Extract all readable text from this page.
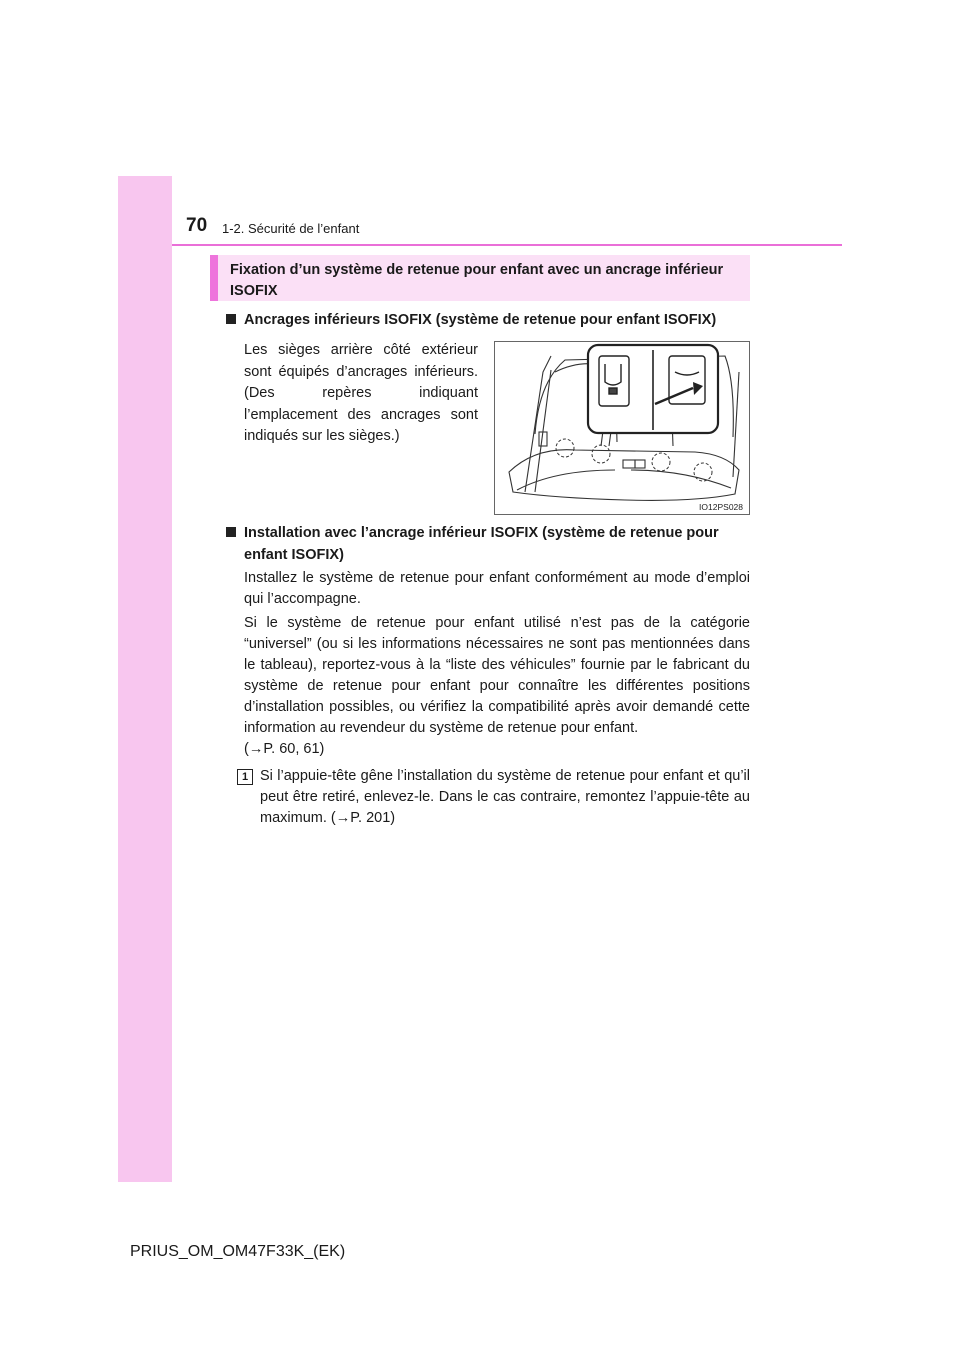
70 1-2. Sécurité de l’enfant
Fixation d’un système de retenue pour enfant avec un ancrage inférieur ISOFIX
Ancrages inférieurs ISOFIX (système de retenue pour enfant ISOFIX)
Les sièges arrière côté extérieur sont équipés d’ancrages inférieurs. (Des repères indiquant l’emplacement des ancrages sont indiqués sur les sièges.)
IO12PS028
Installation avec l’ancrage inférieur ISOFIX (système de retenue pour enfant ISOFIX)
Installez le système de retenue pour enfant conformément au mode d’emploi qui l’accompagne.
Si le système de retenue pour enfant utilisé n’est pas de la catégorie “universel” (ou si les informations nécessaires ne sont pas mentionnées dans le tableau), reportez-vous à la “liste des véhicules” fournie par le fabricant du système de retenue pour enfant pour connaître les différentes positions d’installation possibles, ou vérifiez la compatibilité après avoir demandé cette information au revendeur du système de retenue pour enfant.
(→P. 60, 61)
1 Si l’appuie-tête gêne l’installation du système de retenue pour enfant et qu’il peut être retiré, enlevez-le. Dans le cas contraire, remontez l’appuie-tête au maximum. (→P. 201)
PRIUS_OM_OM47F33K_(EK)
